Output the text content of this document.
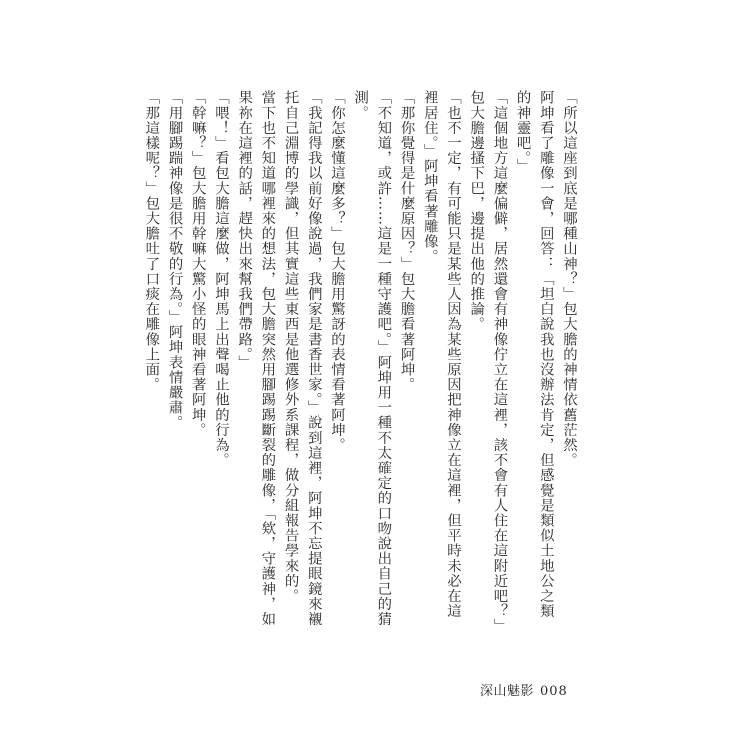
「所以這座到底是哪種山神？」包大膽的神情依舊茫然。

阿坤看了雕像一會，回答：「坦白說我也沒辦法肯定，但感覺是類似土地公之類的神靈吧。」

「這個地方這麼偏僻，居然還會有神像佇立在這裡，該不會有人住在這附近吧？」包大膽邊搔下巴，邊提出他的推論。

「也不一定，有可能只是某些人因為某些原因把神像立在這裡，但平時未必在這裡居住。」阿坤看著雕像。

「那你覺得是什麼原因？」包大膽看著阿坤。

「不知道，或許……這是一種守護吧。」阿坤用一種不太確定的口吻說出自己的猜測。

「你怎麼懂這麼多？」包大膽用驚訝的表情看著阿坤。

「我記得我以前好像說過，我們家是書香世家。」說到這裡，阿坤不忘提眼鏡來襯托自己淵博的學識，但其實這些東西是他選修外系課程，做分組報告學來的。

當下也不知道哪裡來的想法，包大膽突然用腳踢踢斷裂的雕像，「欸，守護神，如果祢在這裡的話，趕快出來幫我們帶路。」

「喂！」看包大膽這麼做，阿坤馬上出聲喝止他的行為。

「幹嘛？」包大膽用幹嘛大驚小怪的眼神看著阿坤。

「用腳踢踹神像是很不敬的行為。」阿坤表情嚴肅。

「那這樣呢？」包大膽吐了口痰在雕像上面。

深山魅影 008
